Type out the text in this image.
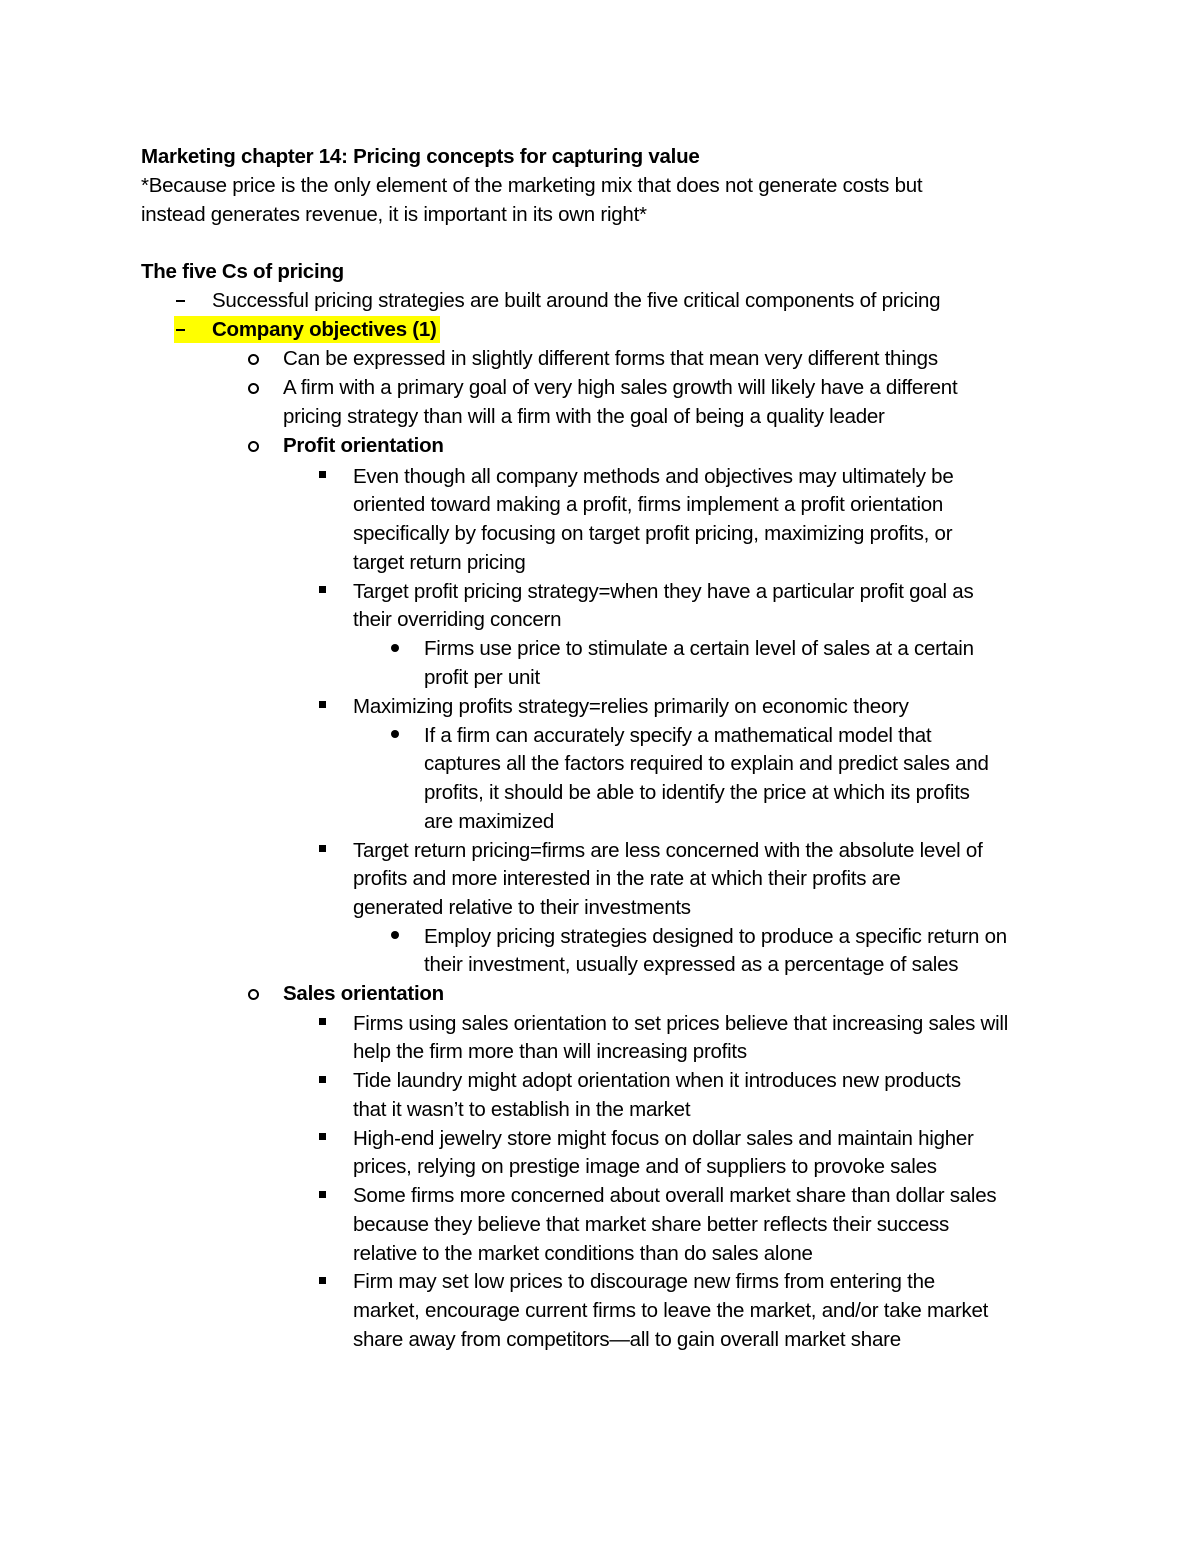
Marketing chapter 14: Pricing concepts for capturing value
*Because price is the only element of the marketing mix that does not generate costs but
instead generates revenue, it is important in its own right*
The five Cs of pricing
Successful pricing strategies are built around the five critical components of pricing
Company objectives (1)
Can be expressed in slightly different forms that mean very different things
A firm with a primary goal of very high sales growth will likely have a different
pricing strategy than will a firm with the goal of being a quality leader
Profit orientation
Even though all company methods and objectives may ultimately be
oriented toward making a profit, firms implement a profit orientation
specifically by focusing on target profit pricing, maximizing profits, or
target return pricing
Target profit pricing strategy=when they have a particular profit goal as
their overriding concern
Firms use price to stimulate a certain level of sales at a certain
profit per unit
Maximizing profits strategy=relies primarily on economic theory
If a firm can accurately specify a mathematical model that
captures all the factors required to explain and predict sales and
profits, it should be able to identify the price at which its profits
are maximized
Target return pricing=firms are less concerned with the absolute level of
profits and more interested in the rate at which their profits are
generated relative to their investments
Employ pricing strategies designed to produce a specific return on
their investment, usually expressed as a percentage of sales
Sales orientation
Firms using sales orientation to set prices believe that increasing sales will
help the firm more than will increasing profits
Tide laundry might adopt orientation when it introduces new products
that it wasn’t to establish in the market
High-end jewelry store might focus on dollar sales and maintain higher
prices, relying on prestige image and of suppliers to provoke sales
Some firms more concerned about overall market share than dollar sales
because they believe that market share better reflects their success
relative to the market conditions than do sales alone
Firm may set low prices to discourage new firms from entering the
market, encourage current firms to leave the market, and/or take market
share away from competitors—all to gain overall market share
